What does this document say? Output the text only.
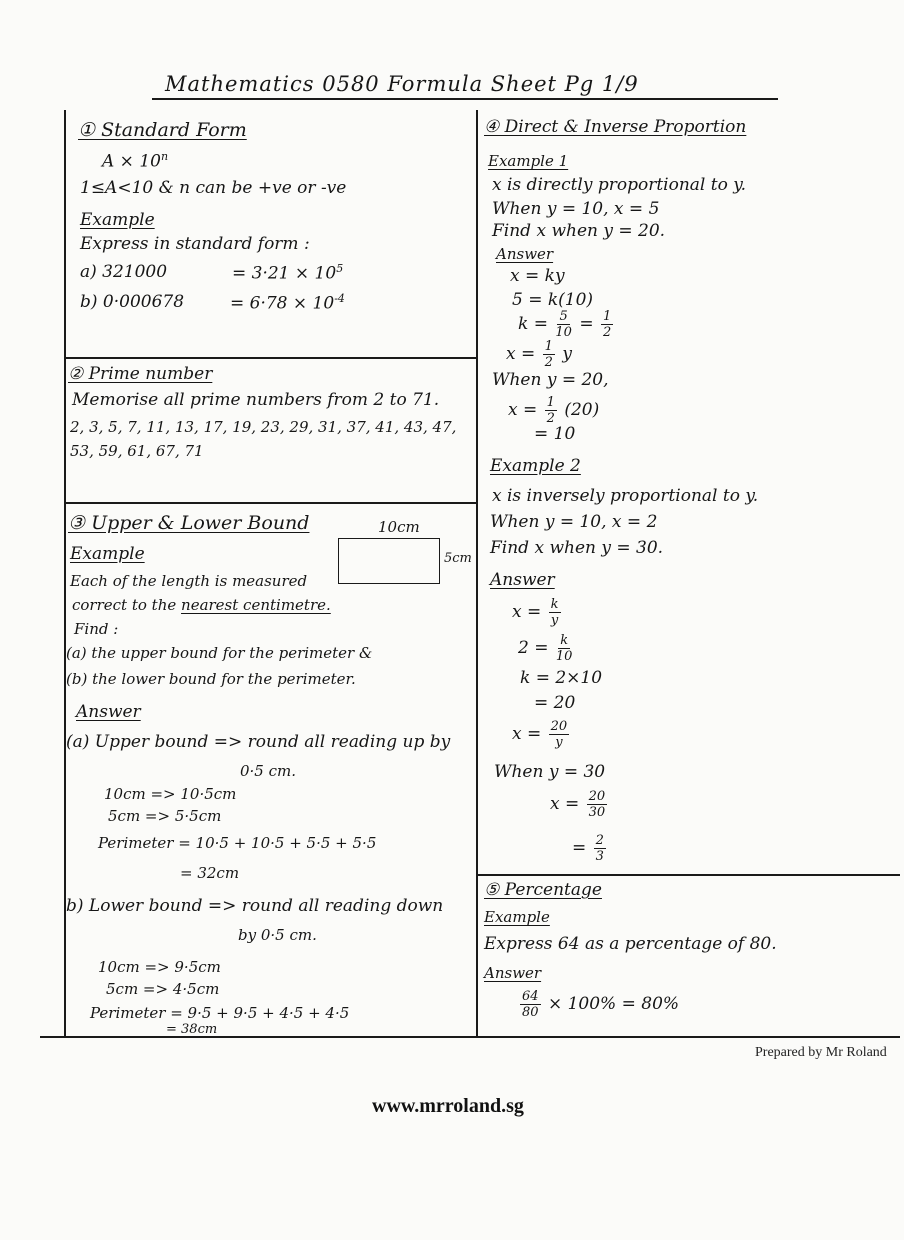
Mathematics 0580 Formula Sheet Pg 1/9
① Standard Form
$A \times 10^n$
1≤A<10 & n can be +ve or -ve
Example
Express in standard form :
a) 321000	= $3\cdot 21 \times 10^5$
b) 0·000678	= $6\cdot 78 \times 10^{-4}$
② Prime number
Memorise all prime numbers from 2 to 71.
2, 3, 5, 7, 11, 13, 17, 19, 23, 29, 31, 37, 41, 43, 47,
53, 59, 61, 67, 71
③ Upper & Lower Bound	10cm
5cm
Example
Each of the length is measured
correct to the nearest centimetre.
Find :
(a) the upper bound for the perimeter &
(b) the lower bound for the perimeter.
Answer
(a) Upper bound => round all reading up by
0·5 cm.
10cm => 10·5cm
5cm => 5·5cm
Perimeter = 10·5 + 10·5 + 5·5 + 5·5
= 32cm
b) Lower bound => round all reading down
by 0·5 cm.
10cm => 9·5cm
5cm => 4·5cm
Perimeter = 9·5 + 9·5 + 4·5 + 4·5
= 38cm
④ Direct & Inverse Proportion
Example 1
x is directly proportional to y.
When y = 10, x = 5
Find x when y = 20.
Answer
x = ky
5 = k(10)
$k = \frac{5}{10} = \frac{1}{2}$
$x = \frac{1}{2}$ y
When y = 20,
$x = \frac{1}{2} (20)$
= 10
Example 2
x is inversely proportional to y.
When y = 10, x = 2
Find x when y = 30.
Answer
$x = \frac{k}{y}$
$2 = \frac{k}{10}$
k = 2×10
= 20
$x = \frac{20}{y}$
When y = 30
$x = \frac{20}{30}$
= $\frac{2}{3}$
⑤ Percentage
Example
Express 64 as a percentage of 80.
Answer
$\frac{64}{80} \times 100\% = 80\%$
Prepared by Mr Roland
www.mrroland.sg
